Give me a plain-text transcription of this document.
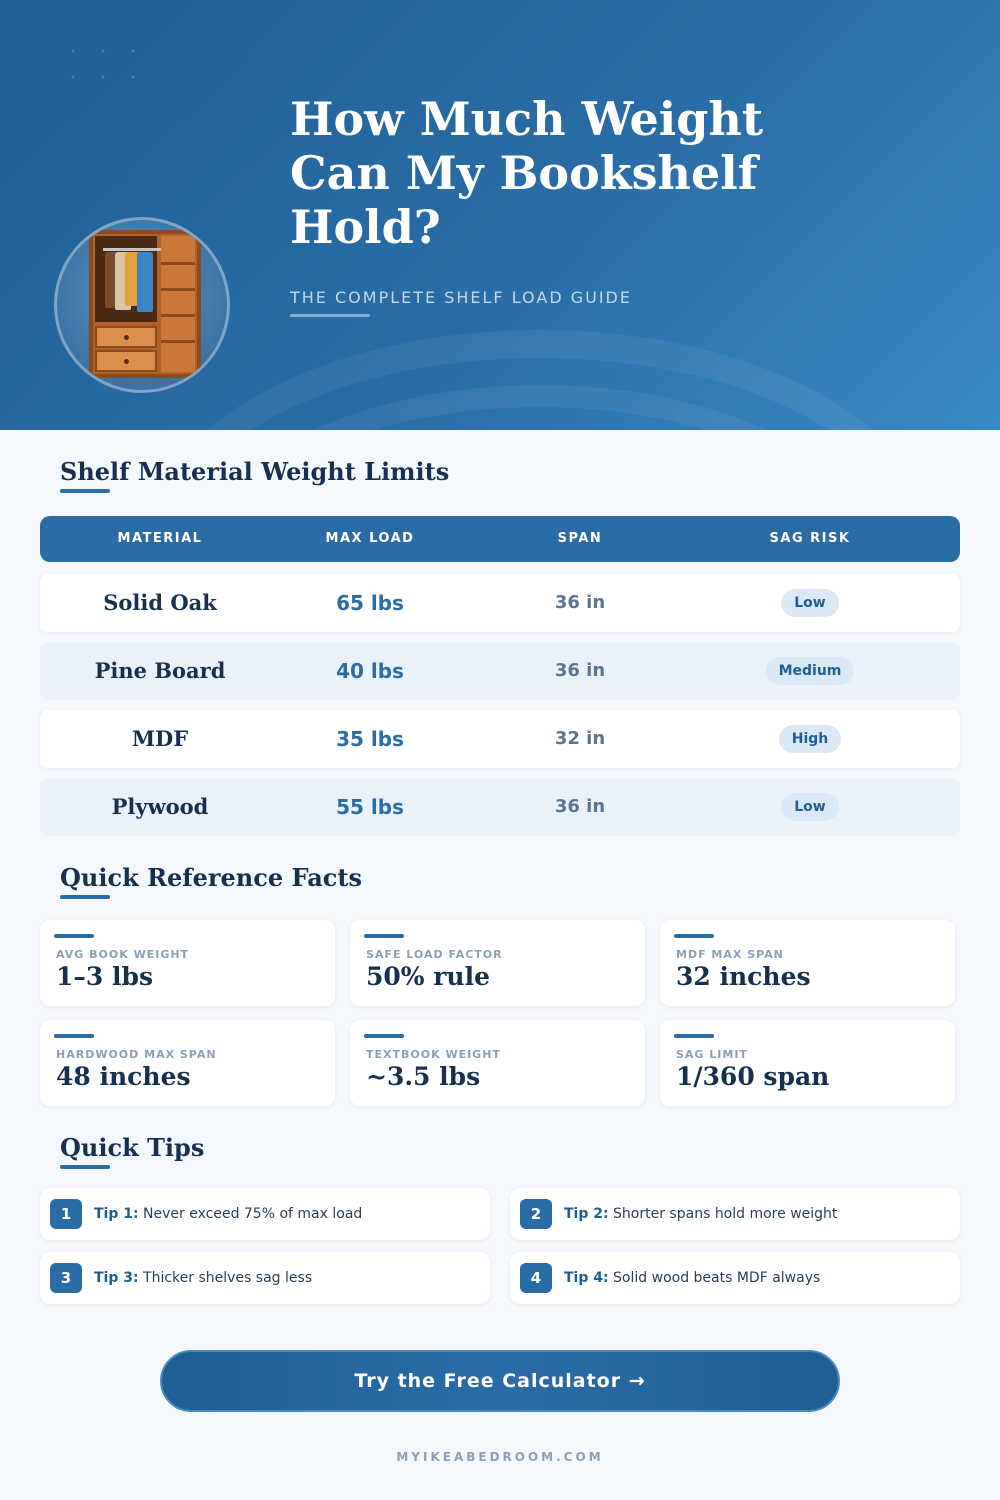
How Much Weight Can My Bookshelf Hold?
THE COMPLETE SHELF LOAD GUIDE
Shelf Material Weight Limits
MATERIAL	MAX LOAD	SPAN	SAG RISK
Solid Oak	65 lbs	36 in	Low
Pine Board	40 lbs	36 in	Medium
MDF	35 lbs	32 in	High
Plywood	55 lbs	36 in	Low
Quick Reference Facts
AVG BOOK WEIGHT
1–3 lbs
SAFE LOAD FACTOR
50% rule
MDF MAX SPAN
32 inches
HARDWOOD MAX SPAN
48 inches
TEXTBOOK WEIGHT
~3.5 lbs
SAG LIMIT
1/360 span
Quick Tips
1	Tip 1: Never exceed 75% of max load	2	Tip 2: Shorter spans hold more weight
3	Tip 3: Thicker shelves sag less	4	Tip 4: Solid wood beats MDF always
Try the Free Calculator →
MYIKEABEDROOM.COM
